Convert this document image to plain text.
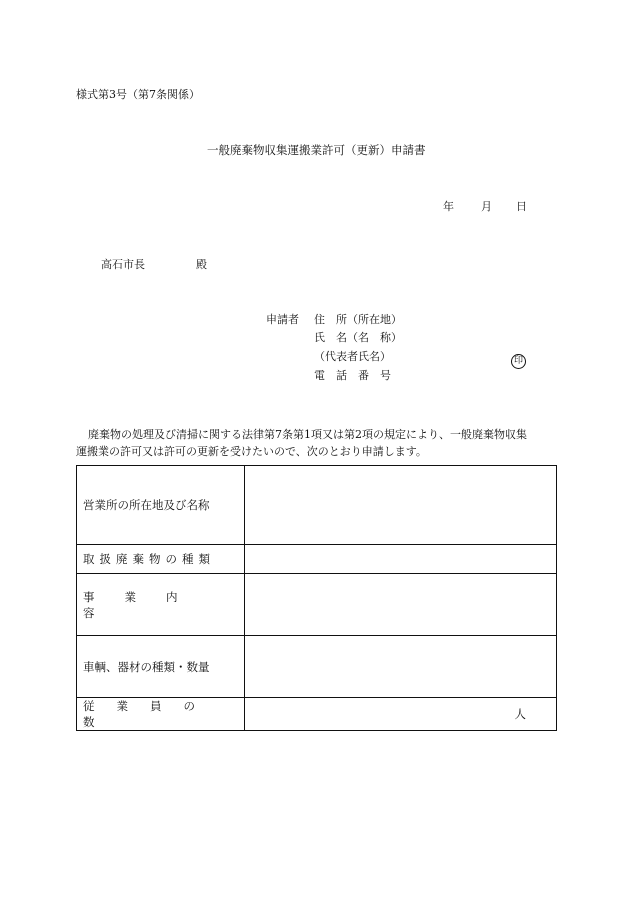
様式第3号（第7条関係）
一般廃棄物収集運搬業許可（更新）申請書
年 月 日
高石市長	殿
申請者 住　所（所在地）
氏　名（名　称）
（代表者氏名）	印
電　話　番　号
廃棄物の処理及び清掃に関する法律第7条第1項又は第2項の規定により、一般廃棄物収集
運搬業の許可又は許可の更新を受けたいので、次のとおり申請します。
営業所の所在地及び名称	

取扱廃棄物の種類	

事業内容	

車輌、器材の種類・数量	

従業員の数	人
